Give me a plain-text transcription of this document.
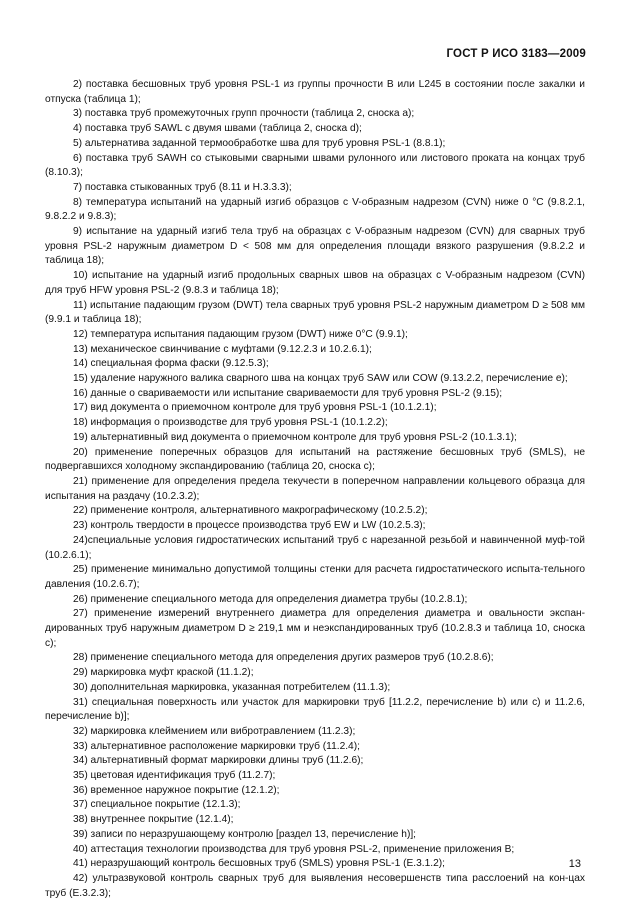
ГОСТ Р ИСО 3183—2009

2) поставка бесшовных труб уровня PSL-1 из группы прочности В или L245 в состоянии после закалки и отпуска (таблица 1);

3) поставка труб промежуточных групп прочности (таблица 2, сноска а);

4) поставка труб SAWL с двумя швами (таблица 2, сноска d);

5) альтернатива заданной термообработке шва для труб уровня PSL-1 (8.8.1);

6) поставка труб SAWH со стыковыми сварными швами рулонного или листового проката на концах труб (8.10.3);

7) поставка стыкованных труб (8.11 и Н.3.3.3);

8) температура испытаний на ударный изгиб образцов с V-образным надрезом (CVN) ниже 0 °С (9.8.2.1, 9.8.2.2 и 9.8.3);

9) испытание на ударный изгиб тела труб на образцах с V-образным надрезом (CVN) для сварных труб уровня PSL-2 наружным диаметром D < 508 мм для определения площади вязкого разрушения (9.8.2.2 и таблица 18);

10) испытание на ударный изгиб продольных сварных швов на образцах с V-образным надрезом (CVN) для труб HFW уровня PSL-2 (9.8.3 и таблица 18);

11) испытание падающим грузом (DWT) тела сварных труб уровня PSL-2 наружным диаметром D ≥ 508 мм (9.9.1 и таблица 18);

12) температура испытания падающим грузом (DWT) ниже 0°С (9.9.1);

13) механическое свинчивание с муфтами (9.12.2.3 и 10.2.6.1);

14) специальная форма фаски (9.12.5.3);

15) удаление наружного валика сварного шва на концах труб SAW или COW (9.13.2.2, перечисление е);

16) данные о свариваемости или испытание свариваемости для труб уровня PSL-2 (9.15);

17) вид документа о приемочном контроле для труб уровня PSL-1 (10.1.2.1);

18) информация о производстве для труб уровня PSL-1 (10.1.2.2);

19) альтернативный вид документа о приемочном контроле для труб уровня PSL-2 (10.1.3.1);

20) применение поперечных образцов для испытаний на растяжение бесшовных труб (SMLS), не подвергавшихся холодному экспандированию (таблица 20, сноска с);

21) применение для определения предела текучести в поперечном направлении кольцевого образца для испытания на раздачу (10.2.3.2);

22) применение контроля, альтернативного макрографическому (10.2.5.2);

23) контроль твердости в процессе производства труб EW и LW (10.2.5.3);

24)специальные условия гидростатических испытаний труб с нарезанной резьбой и навинченной муф-той (10.2.6.1);

25) применение минимально допустимой толщины стенки для расчета гидростатического испыта-тельного давления (10.2.6.7);

26) применение специального метода для определения диаметра трубы (10.2.8.1);

27) применение измерений внутреннего диаметра для определения диаметра и овальности экспан-дированных труб наружным диаметром D ≥ 219,1 мм и неэкспандированных труб (10.2.8.3 и таблица 10, сноска с);

28) применение специального метода для определения других размеров труб (10.2.8.6);

29) маркировка муфт краской (11.1.2);

30) дополнительная маркировка, указанная потребителем (11.1.3);

31) специальная поверхность или участок для маркировки труб [11.2.2, перечисление b) или с) и 11.2.6, перечисление b)];

32) маркировка клеймением или вибротравлением (11.2.3);

33) альтернативное расположение маркировки труб (11.2.4);

34) альтернативный формат маркировки длины труб (11.2.6);

35) цветовая идентификация труб (11.2.7);

36) временное наружное покрытие (12.1.2);

37) специальное покрытие (12.1.3);

38) внутреннее покрытие (12.1.4);

39) записи по неразрушающему контролю [раздел 13, перечисление h)];

40) аттестация технологии производства для труб уровня PSL-2, применение приложения В;

41) неразрушающий контроль бесшовных труб (SMLS) уровня PSL-1 (Е.3.1.2);

42) ультразвуковой контроль сварных труб для выявления несовершенств типа расслоений на кон-цах труб (Е.3.2.3);

13
